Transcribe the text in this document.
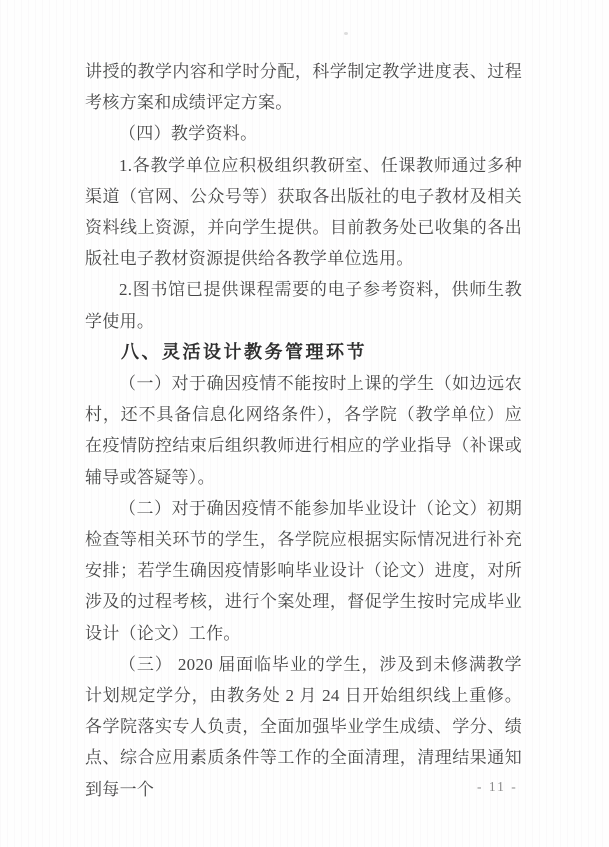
讲授的教学内容和学时分配，科学制定教学进度表、过程考核方案和成绩评定方案。

（四）教学资料。

1.各教学单位应积极组织教研室、任课教师通过多种渠道（官网、公众号等）获取各出版社的电子教材及相关资料线上资源，并向学生提供。目前教务处已收集的各出版社电子教材资源提供给各教学单位选用。

2.图书馆已提供课程需要的电子参考资料，供师生教学使用。

八、灵活设计教务管理环节

（一）对于确因疫情不能按时上课的学生（如边远农村，还不具备信息化网络条件），各学院（教学单位）应在疫情防控结束后组织教师进行相应的学业指导（补课或辅导或答疑等）。

（二）对于确因疫情不能参加毕业设计（论文）初期检查等相关环节的学生，各学院应根据实际情况进行补充安排；若学生确因疫情影响毕业设计（论文）进度，对所涉及的过程考核，进行个案处理，督促学生按时完成毕业设计（论文）工作。

（三） 2020 届面临毕业的学生，涉及到未修满教学计划规定学分，由教务处 2 月 24 日开始组织线上重修。各学院落实专人负责，全面加强毕业学生成绩、学分、绩点、综合应用素质条件等工作的全面清理，清理结果通知到每一个	- 11 -
